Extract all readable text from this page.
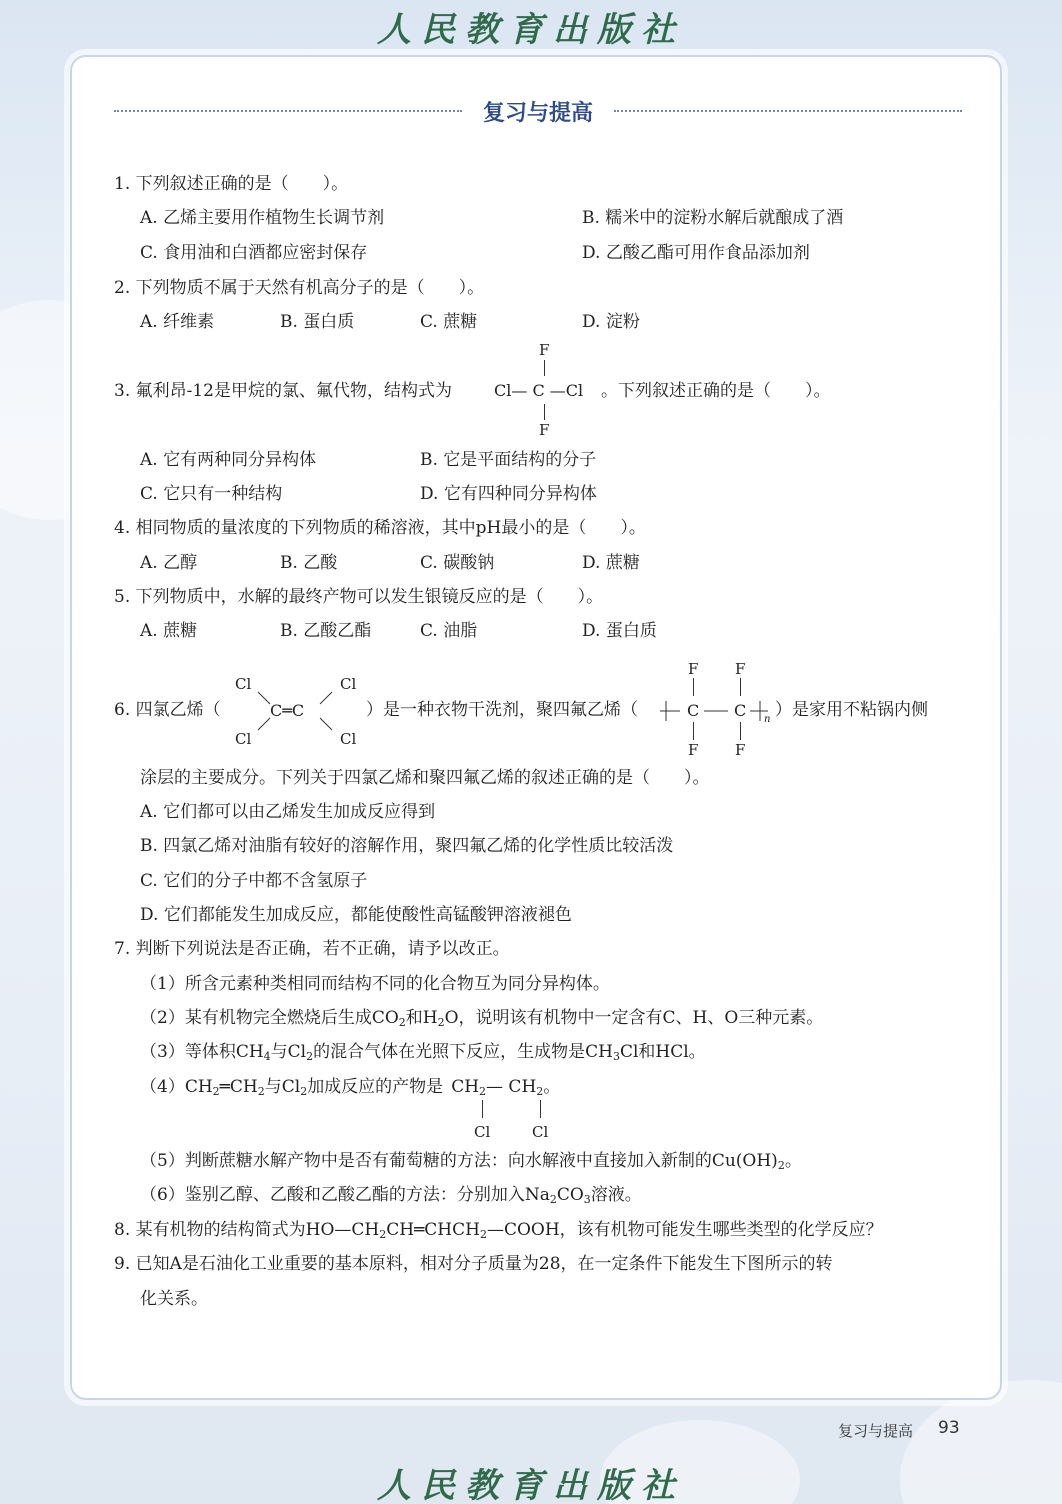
人民教育出版社
复习与提高
1. 下列叙述正确的是（　　）。
A. 乙烯主要用作植物生长调节剂	B. 糯米中的淀粉水解后就酿成了酒
C. 食用油和白酒都应密封保存	D. 乙酸乙酯可用作食品添加剂
2. 下列物质不属于天然有机高分子的是（　　）。
A. 纤维素	B. 蛋白质	C. 蔗糖	D. 淀粉
3. 氟利昂-12是甲烷的氯、氟代物，结构式为
F
Cl— C —Cl
F
。下列叙述正确的是（　　）。
A. 它有两种同分异构体	B. 它是平面结构的分子
C. 它只有一种结构	D. 它有四种同分异构体
4. 相同物质的量浓度的下列物质的稀溶液，其中pH最小的是（　　）。
A. 乙醇	B. 乙酸	C. 碳酸钠	D. 蔗糖
5. 下列物质中，水解的最终产物可以发生银镜反应的是（　　）。
A. 蔗糖	B. 乙酸乙酯	C. 油脂	D. 蛋白质
6. 四氯乙烯（
Cl	Cl
Cl	Cl
C═C	）是一种衣物干洗剂，聚四氟乙烯（
F F
C C n
F F
）是家用不粘锅内侧
涂层的主要成分。下列关于四氯乙烯和聚四氟乙烯的叙述正确的是（　　）。
A. 它们都可以由乙烯发生加成反应得到
B. 四氯乙烯对油脂有较好的溶解作用，聚四氟乙烯的化学性质比较活泼
C. 它们的分子中都不含氢原子
D. 它们都能发生加成反应，都能使酸性高锰酸钾溶液褪色
7. 判断下列说法是否正确，若不正确，请予以改正。
（1）所含元素种类相同而结构不同的化合物互为同分异构体。
（2）某有机物完全燃烧后生成$CO_2$和$H_2O$，说明该有机物中一定含有C、H、O三种元素。
（3）等体积$CH_4$与$Cl_2$的混合气体在光照下反应，生成物是$CH_3Cl$和HCl。
$(4)CH_2═CH_2$与$Cl_2$加成反应的产物是 $CH_2—$ $CH_2$。
Cl	Cl
（5）判断蔗糖水解产物中是否有葡萄糖的方法：向水解液中直接加入新制的$Cu(OH)_2$。
（6）鉴别乙醇、乙酸和乙酸乙酯的方法：分别加入$Na_2CO_3$溶液。
8. 某有机物的结构简式为$HO—CH_2CH═CHCH_2—COOH$，该有机物可能发生哪些类型的化学反应？
9. 已知A是石油化工业重要的基本原料，相对分子质量为28，在一定条件下能发生下图所示的转
化关系。
复习与提高 93
人民教育出版社
